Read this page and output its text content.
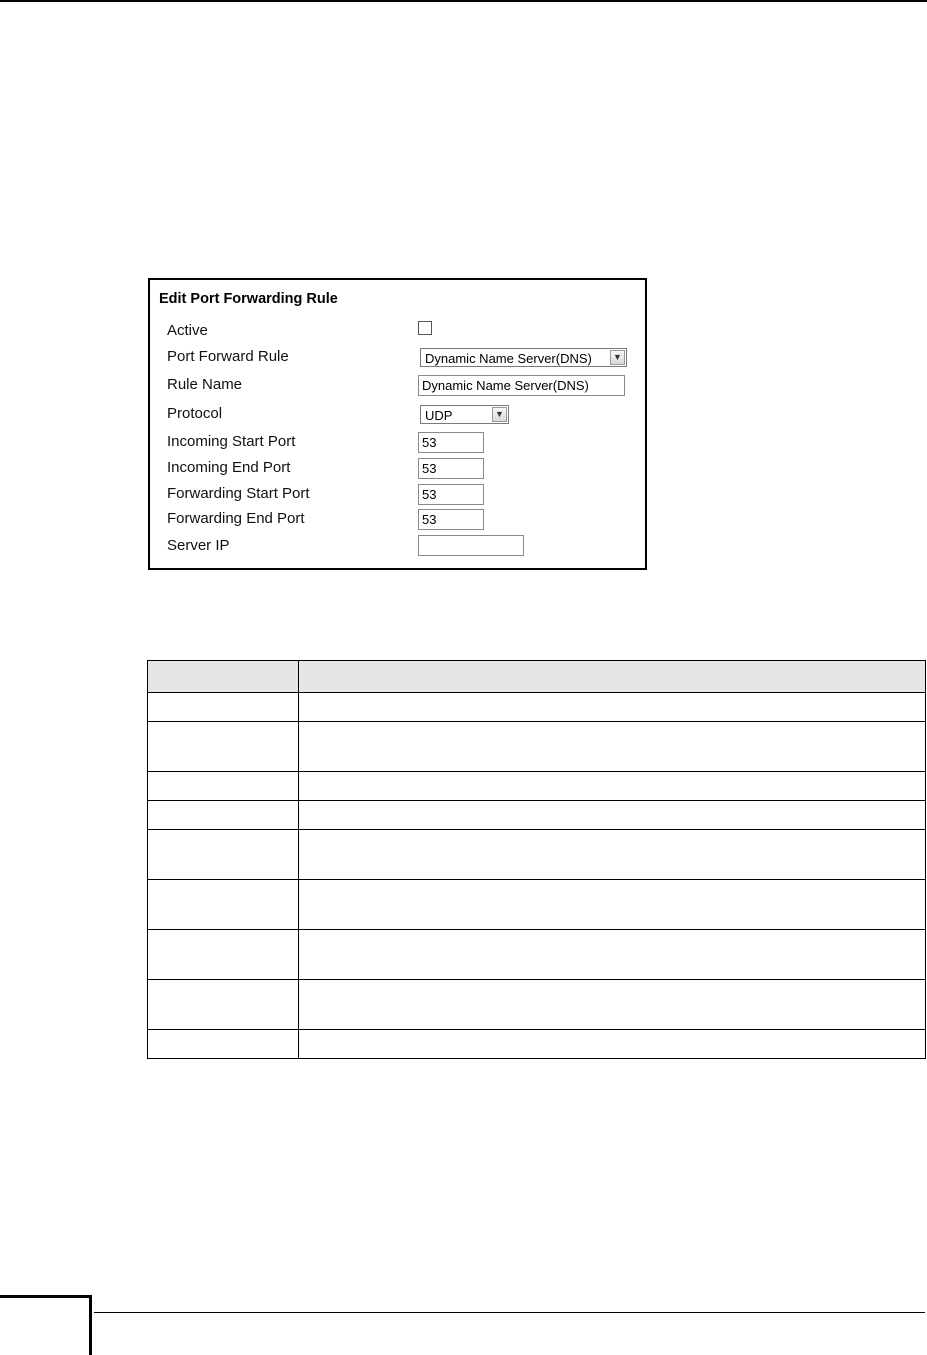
Edit Port Forwarding Rule
Active
Port Forward Rule	Dynamic Name Server(DNS)	▼
Rule Name	Dynamic Name Server(DNS)
Protocol	UDP	▼
Incoming Start Port	53
Incoming End Port	53
Forwarding Start Port	53
Forwarding End Port	53
Server IP
